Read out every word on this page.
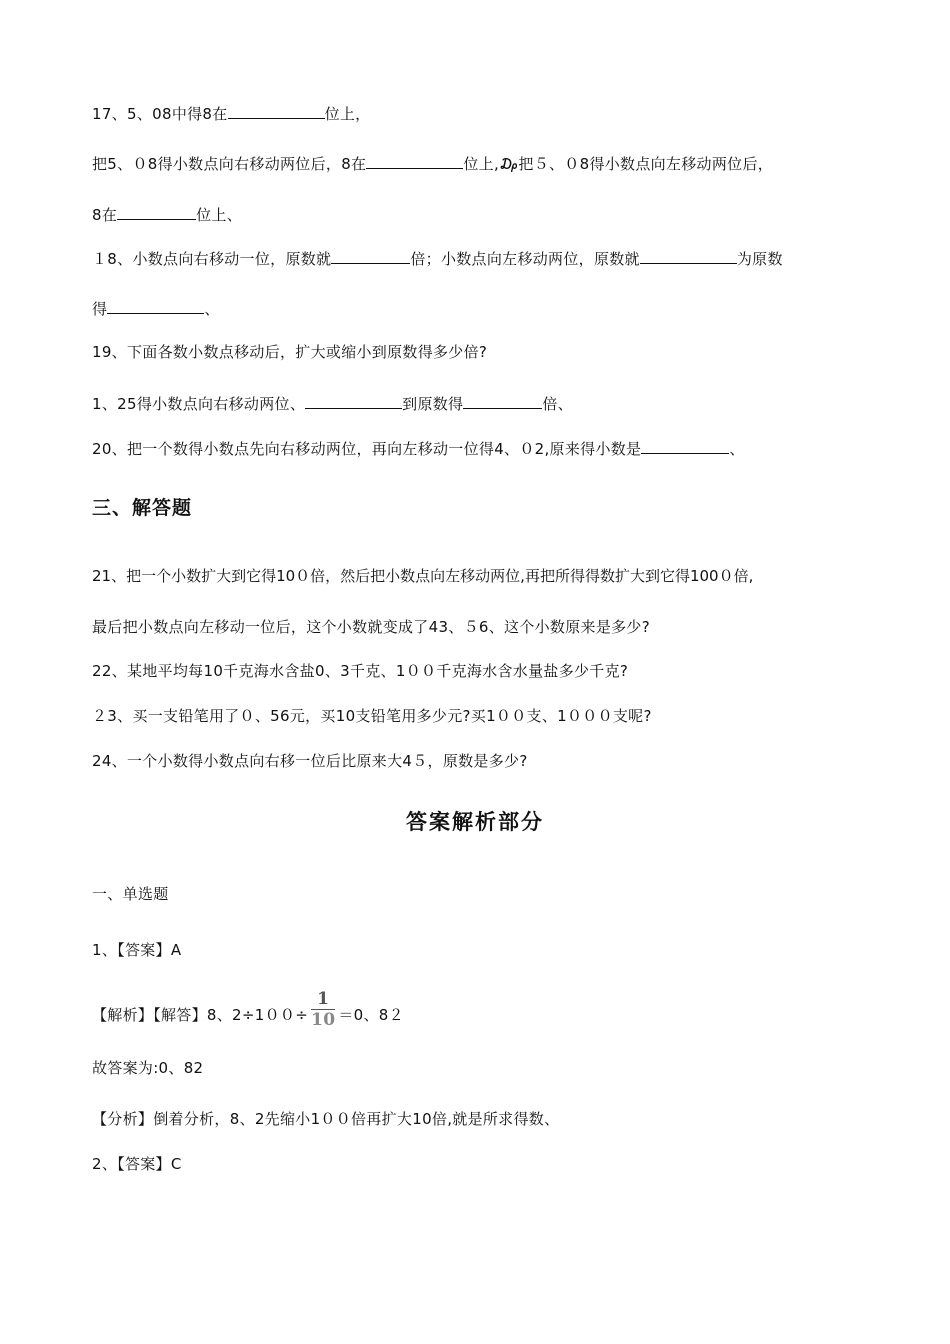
17、5、08中得8在	位上，
把5、０8得小数点向右移动两位后，8在	位上,₯把５、０8得小数点向左移动两位后，
8在	位上、
１8、小数点向右移动一位，原数就	倍；小数点向左移动两位，原数就	为原数
得	、
19、下面各数小数点移动后，扩大或缩小到原数得多少倍?
1、25得小数点向右移动两位、	到原数得	倍、
20、把一个数得小数点先向右移动两位，再向左移动一位得4、０2,原来得小数是	、
三、解答题
21、把一个小数扩大到它得10０倍，然后把小数点向左移动两位,再把所得得数扩大到它得100０倍,
最后把小数点向左移动一位后，这个小数就变成了43、５6、这个小数原来是多少?
22、某地平均每10千克海水含盐0、3千克、1００千克海水含水量盐多少千克?
２3、买一支铅笔用了０、56元，买10支铅笔用多少元?买1００支、1０００支呢?
24、一个小数得小数点向右移一位后比原来大4５，原数是多少?
答案解析部分
一、单选题
1、【答案】A
【解析】【解答】8、$2\div 100\div \frac{1}{10} =0$、8２
故答案为:0、82
【分析】倒着分析，8、2先缩小1００倍再扩大10倍,就是所求得数、
2、【答案】C
